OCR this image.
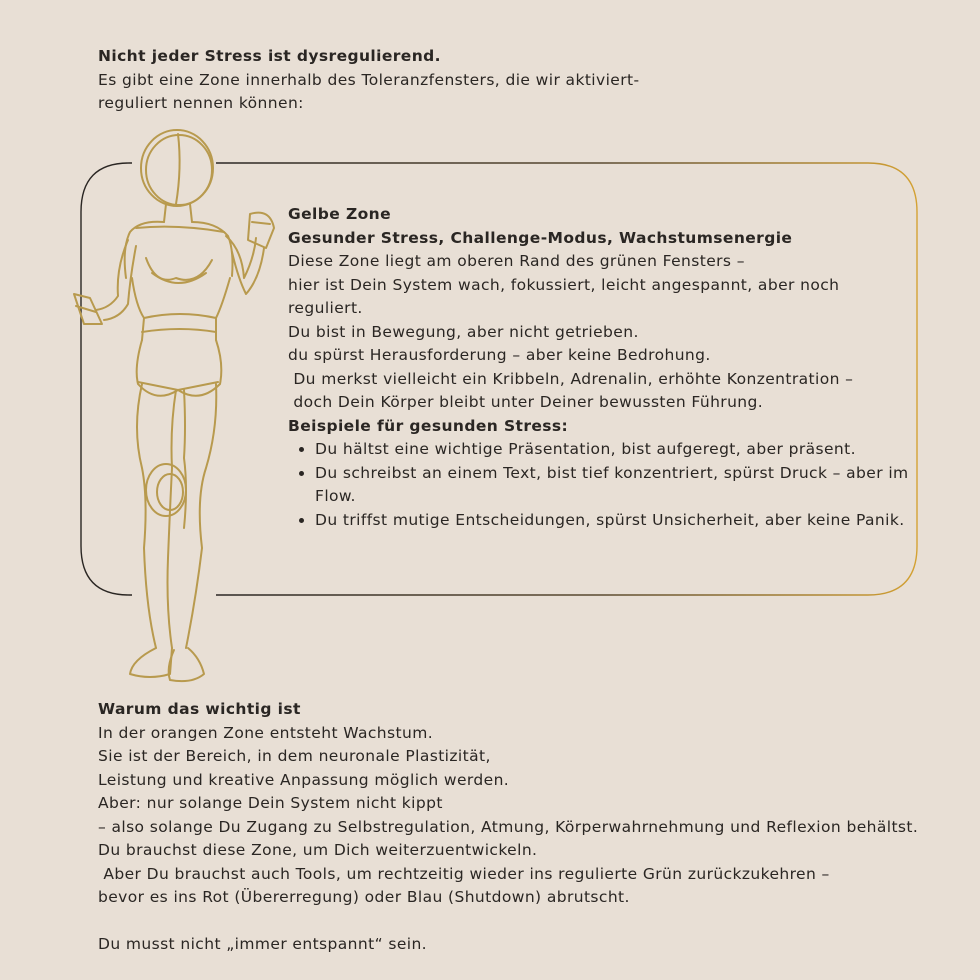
Nicht jeder Stress ist dysregulierend.
Es gibt eine Zone innerhalb des Toleranzfensters, die wir aktiviert-
reguliert nennen können:

Gelbe Zone

Gesunder Stress, Challenge-Modus, Wachstumsenergie

Diese Zone liegt am oberen Rand des grünen Fensters –

hier ist Dein System wach, fokussiert, leicht angespannt, aber noch

reguliert.

Du bist in Bewegung, aber nicht getrieben.

du spürst Herausforderung – aber keine Bedrohung.

Du merkst vielleicht ein Kribbeln, Adrenalin, erhöhte Konzentration –

doch Dein Körper bleibt unter Deiner bewussten Führung.

Beispiele für gesunden Stress:

• Du hältst eine wichtige Präsentation, bist aufgeregt, aber präsent.
• Du schreibst an einem Text, bist tief konzentriert, spürst Druck – aber im Flow.
• Du triffst mutige Entscheidungen, spürst Unsicherheit, aber keine Panik.

Warum das wichtig ist

In der orangen Zone entsteht Wachstum.

Sie ist der Bereich, in dem neuronale Plastizität,

Leistung und kreative Anpassung möglich werden.

Aber: nur solange Dein System nicht kippt

– also solange Du Zugang zu Selbstregulation, Atmung, Körperwahrnehmung und Reflexion behältst.

Du brauchst diese Zone, um Dich weiterzuentwickeln.

Aber Du brauchst auch Tools, um rechtzeitig wieder ins regulierte Grün zurückzukehren –

bevor es ins Rot (Übererregung) oder Blau (Shutdown) abrutscht.

Du musst nicht „immer entspannt“ sein.
